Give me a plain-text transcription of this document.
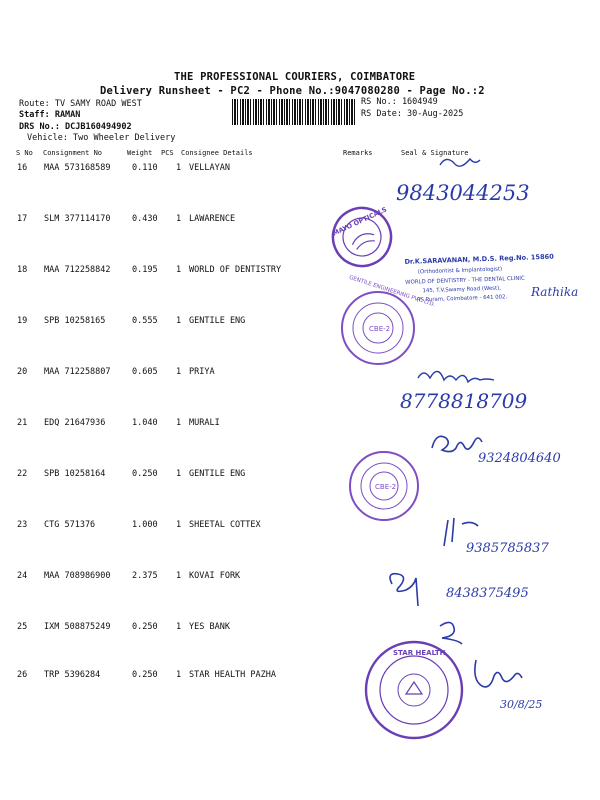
THE PROFESSIONAL COURIERS, COIMBATORE
Delivery Runsheet - PC2 - Phone No.:9047080280 - Page No.:2
Route: TV SAMY ROAD WEST
Staff: RAMAN
DRS No.: DCJB160494902
Vehicle: Two Wheeler Delivery
RS No.: 1604949
RS Date: 30-Aug-2025
S No Consignment No	Weight PCS Consignee Details	Remarks	Seal & Signature
16 MAA 573168589	0.110 1 VELLAYAN
17 SLM 377114170	0.430 1 LAWARENCE
18 MAA 712258842	0.195 1 WORLD OF DENTISTRY
19 SPB 10258165	0.555 1 GENTILE ENG
20 MAA 712258807	0.605 1 PRIYA
21 EDQ 21647936	1.040 1 MURALI
22 SPB 10258164	0.250 1 GENTILE ENG
23 CTG 571376	1.000 1 SHEETAL COTTEX
24 MAA 708986900	2.375 1 KOVAI FORK
25 IXM 508875249	0.250 1 YES BANK
26 TRP 5396284	0.250 1 STAR HEALTH PAZHA
9843044253
MAYO OPTICALS
Dr.K.SARAVANAN, M.D.S. Reg.No. 15860
(Orthodontist & Implantologist)
WORLD OF DENTISTRY - THE DENTAL CLINIC
145, T.V.Swamy Road (West),
RS Puram, Coimbatore - 641 002. Rathika
CBE-2
GENTILE ENGINEERING PVT. LTD.
8778818709
9324804640
CBE-2
9385785837
8438375495
STAR HEALTH
30/8/25
